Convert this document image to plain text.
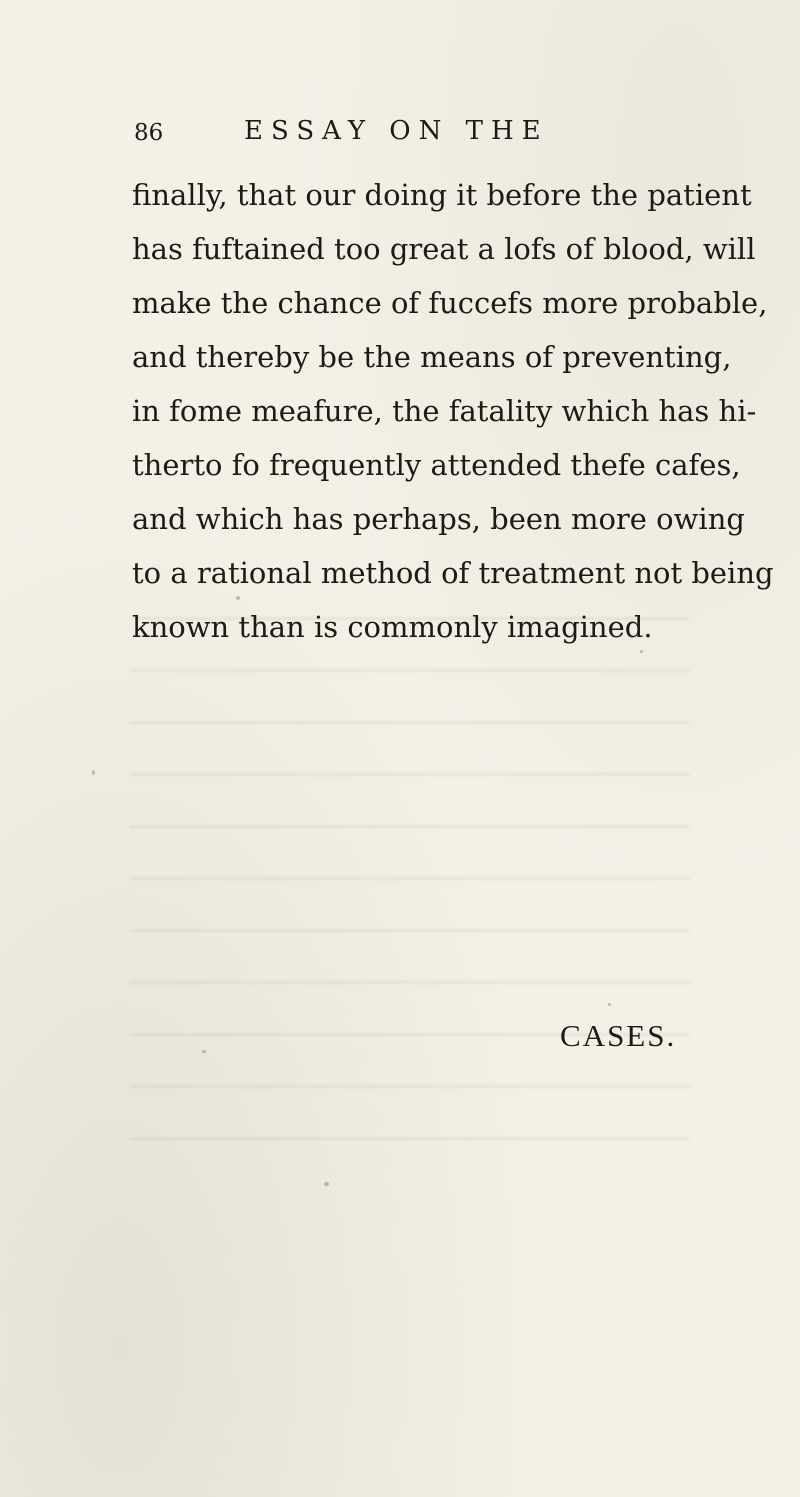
86	ESSAY ON THE
finally, that our doing it before the patient
has fuftained too great a lofs of blood, will
make the chance of fuccefs more probable,
and thereby be the means of preventing,
in fome meafure, the fatality which has hi-
therto fo frequently attended thefe cafes,
and which has perhaps, been more owing
to a rational method of treatment not being
known than is commonly imagined.
CASES.
